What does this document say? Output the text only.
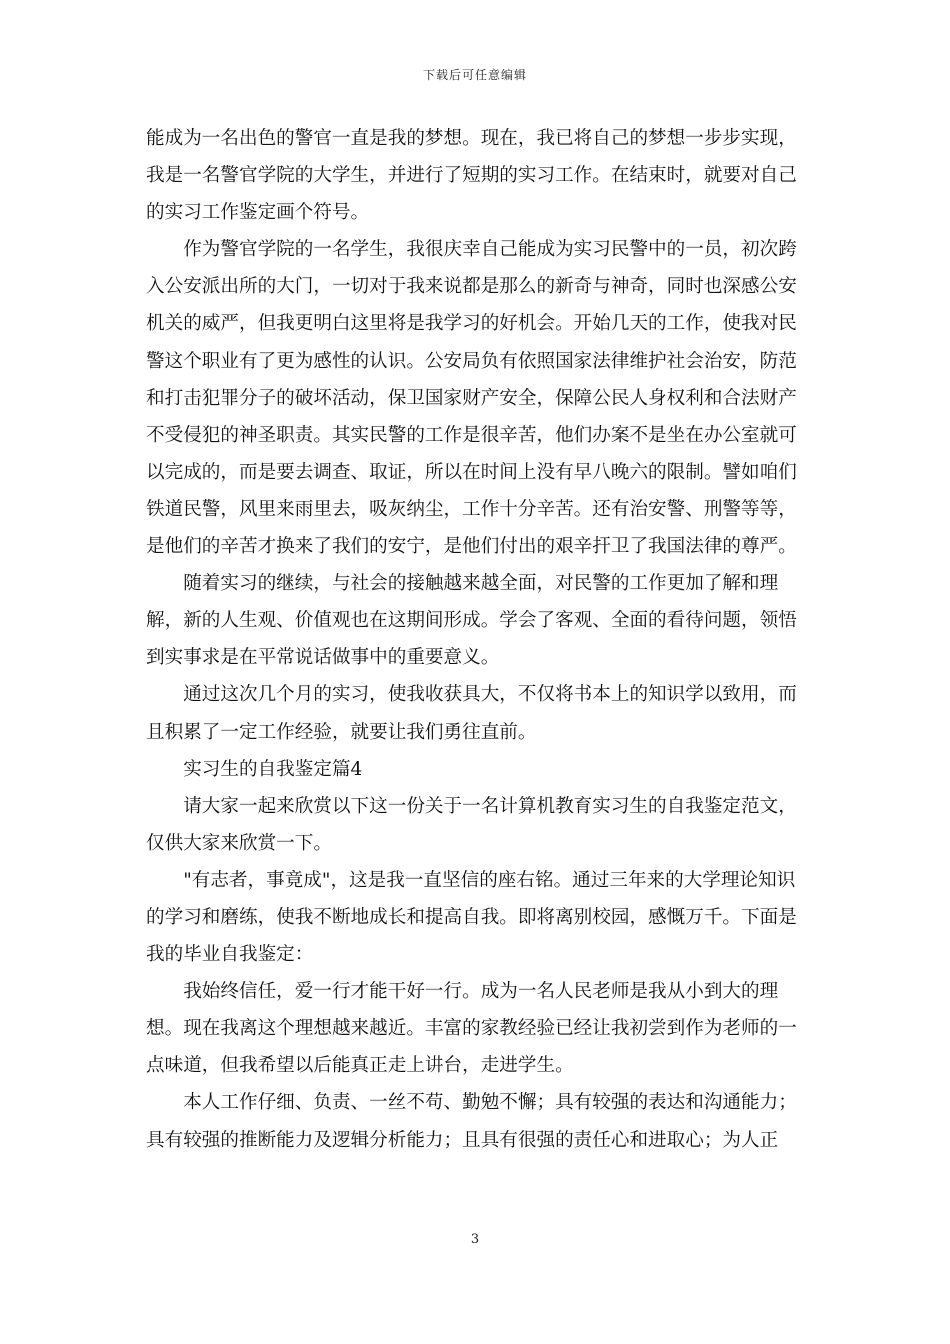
下载后可任意编辑

能成为一名出色的警官一直是我的梦想。现在，我已将自己的梦想一步步实现，我是一名警官学院的大学生，并进行了短期的实习工作。在结束时，就要对自己的实习工作鉴定画个符号。

作为警官学院的一名学生，我很庆幸自己能成为实习民警中的一员，初次跨入公安派出所的大门，一切对于我来说都是那么的新奇与神奇，同时也深感公安机关的威严，但我更明白这里将是我学习的好机会。开始几天的工作，使我对民警这个职业有了更为感性的认识。公安局负有依照国家法律维护社会治安，防范和打击犯罪分子的破坏活动，保卫国家财产安全，保障公民人身权利和合法财产不受侵犯的神圣职责。其实民警的工作是很辛苦，他们办案不是坐在办公室就可以完成的，而是要去调查、取证，所以在时间上没有早八晚六的限制。譬如咱们铁道民警，风里来雨里去，吸灰纳尘，工作十分辛苦。还有治安警、刑警等等，是他们的辛苦才换来了我们的安宁，是他们付出的艰辛扞卫了我国法律的尊严。

随着实习的继续，与社会的接触越来越全面，对民警的工作更加了解和理解，新的人生观、价值观也在这期间形成。学会了客观、全面的看待问题，领悟到实事求是在平常说话做事中的重要意义。

通过这次几个月的实习，使我收获具大，不仅将书本上的知识学以致用，而且积累了一定工作经验，就要让我们勇往直前。

实习生的自我鉴定篇4

请大家一起来欣赏以下这一份关于一名计算机教育实习生的自我鉴定范文，仅供大家来欣赏一下。

"有志者，事竟成"，这是我一直坚信的座右铭。通过三年来的大学理论知识的学习和磨练，使我不断地成长和提高自我。即将离别校园，感慨万千。下面是我的毕业自我鉴定：

我始终信任，爱一行才能干好一行。成为一名人民老师是我从小到大的理想。现在我离这个理想越来越近。丰富的家教经验已经让我初尝到作为老师的一点味道，但我希望以后能真正走上讲台，走进学生。

本人工作仔细、负责、一丝不苟、勤勉不懈；具有较强的表达和沟通能力；具有较强的推断能力及逻辑分析能力；且具有很强的责任心和进取心；为人正

3
